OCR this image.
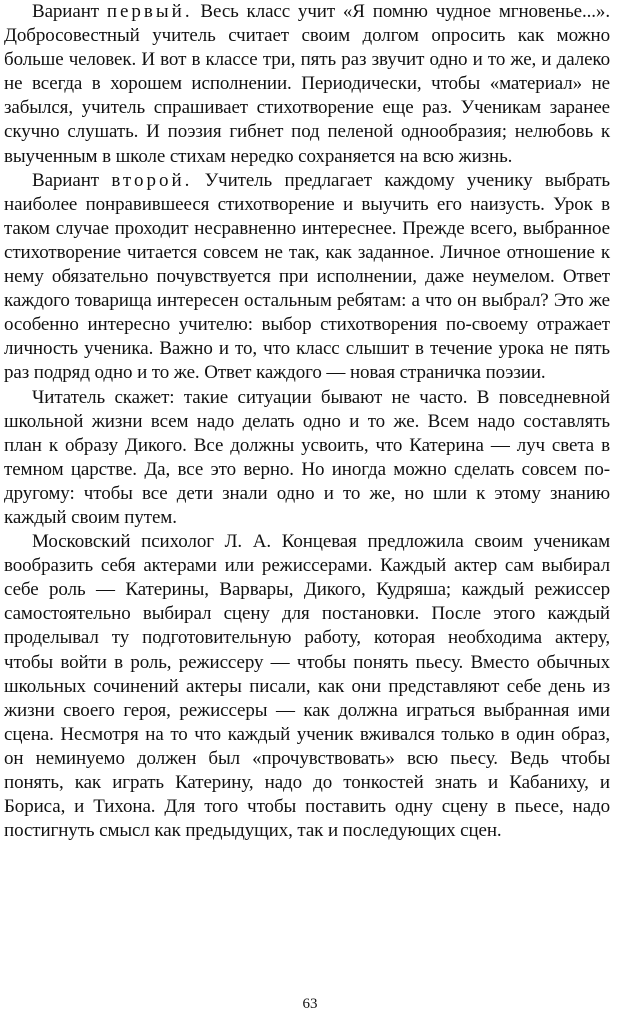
Вариант первый. Весь класс учит «Я помню чудное мгновенье...». Добросовестный учитель считает своим долгом опросить как можно больше человек. И вот в классе три, пять раз звучит одно и то же, и далеко не всегда в хорошем исполнении. Периодически, чтобы «материал» не забылся, учитель спрашивает стихотворение еще раз. Ученикам заранее скучно слушать. И поэзия гибнет под пеленой однообразия; нелюбовь к выученным в школе стихам нередко сохраняется на всю жизнь.

Вариант второй. Учитель предлагает каждому ученику выбрать наиболее понравившееся стихотворение и выучить его наизусть. Урок в таком случае проходит несравненно интереснее. Прежде всего, выбранное стихотворение читается совсем не так, как заданное. Личное отношение к нему обязательно почувствуется при исполнении, даже неумелом. Ответ каждого товарища интересен остальным ребятам: а что он выбрал? Это же особенно интересно учителю: выбор стихотворения по-своему отражает личность ученика. Важно и то, что класс слышит в течение урока не пять раз подряд одно и то же. Ответ каждого — новая страничка поэзии.

Читатель скажет: такие ситуации бывают не часто. В повседневной школьной жизни всем надо делать одно и то же. Всем надо составлять план к образу Дикого. Все должны усвоить, что Катерина — луч света в темном царстве. Да, все это верно. Но иногда можно сделать совсем по-другому: чтобы все дети знали одно и то же, но шли к этому знанию каждый своим путем.

Московский психолог Л. А. Концевая предложила своим ученикам вообразить себя актерами или режиссерами. Каждый актер сам выбирал себе роль — Катерины, Варвары, Дикого, Кудряша; каждый режиссер самостоятельно выбирал сцену для постановки. После этого каждый проделывал ту подготовительную работу, которая необходима актеру, чтобы войти в роль, режиссеру — чтобы понять пьесу. Вместо обычных школьных сочинений актеры писали, как они представляют себе день из жизни своего героя, режиссеры — как должна играться выбранная ими сцена. Несмотря на то что каждый ученик вживался только в один образ, он неминуемо должен был «прочувствовать» всю пьесу. Ведь чтобы понять, как играть Катерину, надо до тонкостей знать и Кабаниху, и Бориса, и Тихона. Для того чтобы поставить одну сцену в пьесе, надо постигнуть смысл как предыдущих, так и последующих сцен.

63
